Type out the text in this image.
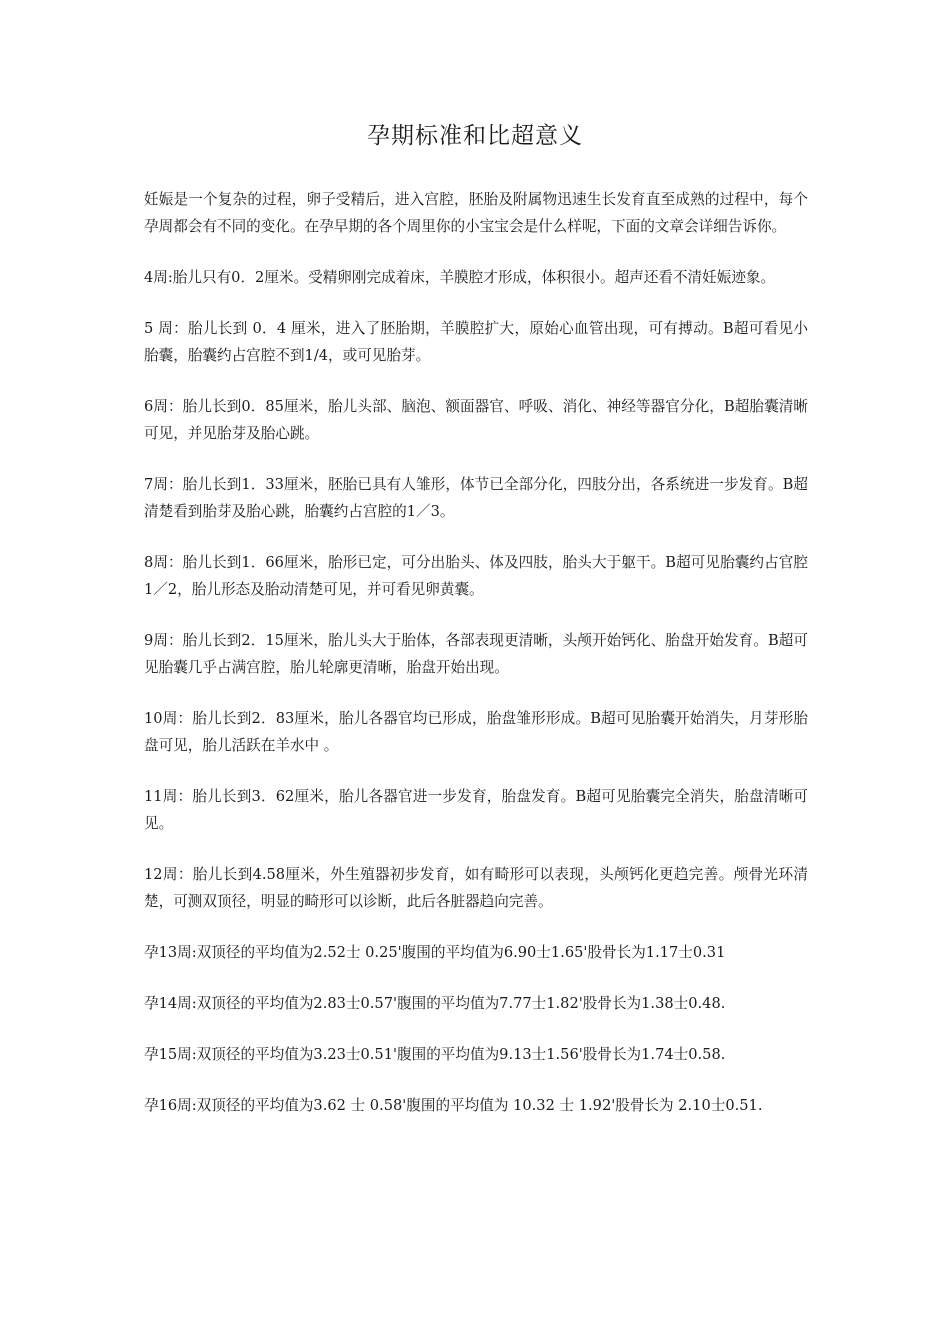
孕期标准和比超意义

妊娠是一个复杂的过程，卵子受精后，进入宫腔，胚胎及附属物迅速生长发育直至成熟的过程中，每个孕周都会有不同的变化。在孕早期的各个周里你的小宝宝会是什么样呢，下面的文章会详细告诉你。

4周:胎儿只有0．2厘米。受精卵刚完成着床，羊膜腔才形成，体积很小。超声还看不清妊娠迹象。

5 周：胎儿长到 0．4 厘米，进入了胚胎期，羊膜腔扩大，原始心血管出现，可有搏动。B超可看见小胎囊，胎囊约占宫腔不到1/4，或可见胎芽。

6周：胎儿长到0．85厘米，胎儿头部、脑泡、额面器官、呼吸、消化、神经等器官分化，B超胎囊清晰可见，并见胎芽及胎心跳。

7周：胎儿长到1．33厘米，胚胎已具有人雏形，体节已全部分化，四肢分出，各系统进一步发育。B超清楚看到胎芽及胎心跳，胎囊约占宫腔的1／3。

8周：胎儿长到1．66厘米，胎形已定，可分出胎头、体及四肢，胎头大于躯干。B超可见胎囊约占官腔1／2，胎儿形态及胎动清楚可见，并可看见卵黄囊。

9周：胎儿长到2．15厘米，胎儿头大于胎体，各部表现更清晰，头颅开始钙化、胎盘开始发育。B超可见胎囊几乎占满宫腔，胎儿轮廓更清晰，胎盘开始出现。

10周：胎儿长到2．83厘米，胎儿各器官均已形成，胎盘雏形形成。B超可见胎囊开始消失，月芽形胎盘可见，胎儿活跃在羊水中 。

11周：胎儿长到3．62厘米，胎儿各器官进一步发育，胎盘发育。B超可见胎囊完全消失，胎盘清晰可见。

12周：胎儿长到4.58厘米，外生殖器初步发育，如有畸形可以表现，头颅钙化更趋完善。颅骨光环清楚，可测双顶径，明显的畸形可以诊断，此后各脏器趋向完善。

孕13周:双顶径的平均值为2.52士 0.25'腹围的平均值为6.90士1.65'股骨长为1.17士0.31

孕14周:双顶径的平均值为2.83士0.57'腹围的平均值为7.77士1.82'股骨长为1.38士0.48.

孕15周:双顶径的平均值为3.23士0.51'腹围的平均值为9.13士1.56'股骨长为1.74士0.58.

孕16周:双顶径的平均值为3.62 士 0.58'腹围的平均值为 10.32 士 1.92'股骨长为 2.10士0.51.
